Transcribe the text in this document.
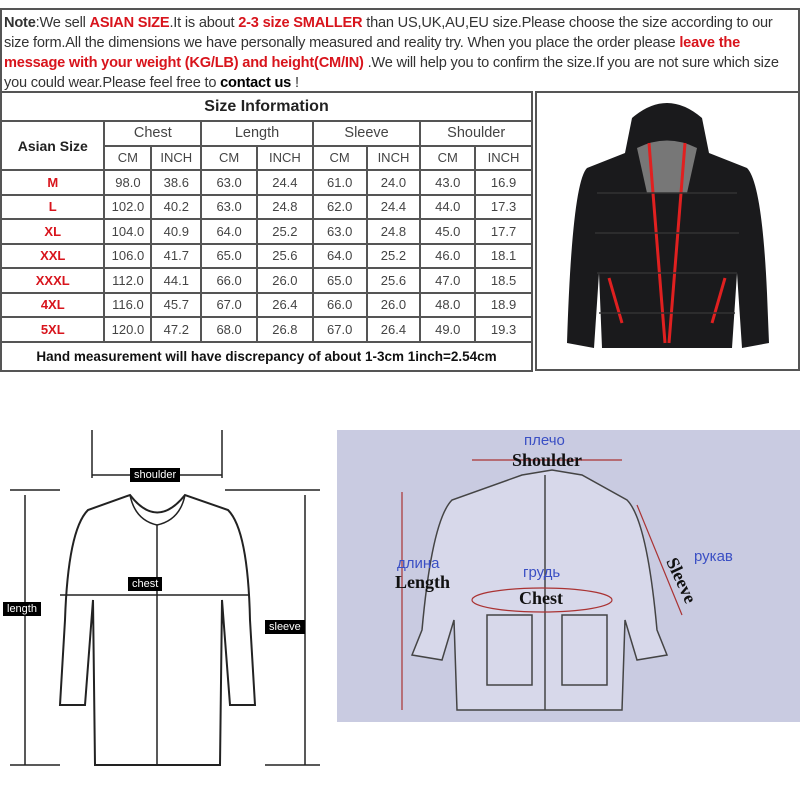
Note:We sell ASIAN SIZE.It is about 2-3 size SMALLER than US,UK,AU,EU size.Please choose the size according to our size form.All the dimensions we have personally measured and reality try. When you place the order please leave the message with your weight (KG/LB) and height(CM/IN) .We will help you to confirm the size.If you are not sure which size you could wear.Please feel free to contact us !
Size Information								
Asian Size	Chest		Length		Sleeve		Shoulder	
	CM	INCH	CM	INCH	CM	INCH	CM	INCH
M	98.0	38.6	63.0	24.4	61.0	24.0	43.0	16.9
L	102.0	40.2	63.0	24.8	62.0	24.4	44.0	17.3
XL	104.0	40.9	64.0	25.2	63.0	24.8	45.0	17.7
XXL	106.0	41.7	65.0	25.6	64.0	25.2	46.0	18.1
XXXL	112.0	44.1	66.0	26.0	65.0	25.6	47.0	18.5
4XL	116.0	45.7	67.0	26.4	66.0	26.0	48.0	18.9
5XL	120.0	47.2	68.0	26.8	67.0	26.4	49.0	19.3
Hand measurement will have discrepancy of about 1-3cm 1inch=2.54cm								
shoulder
chest
length
sleeve
плечо
Shoulder
длина
Length	грудь
Chest
рукав
Sleeve
